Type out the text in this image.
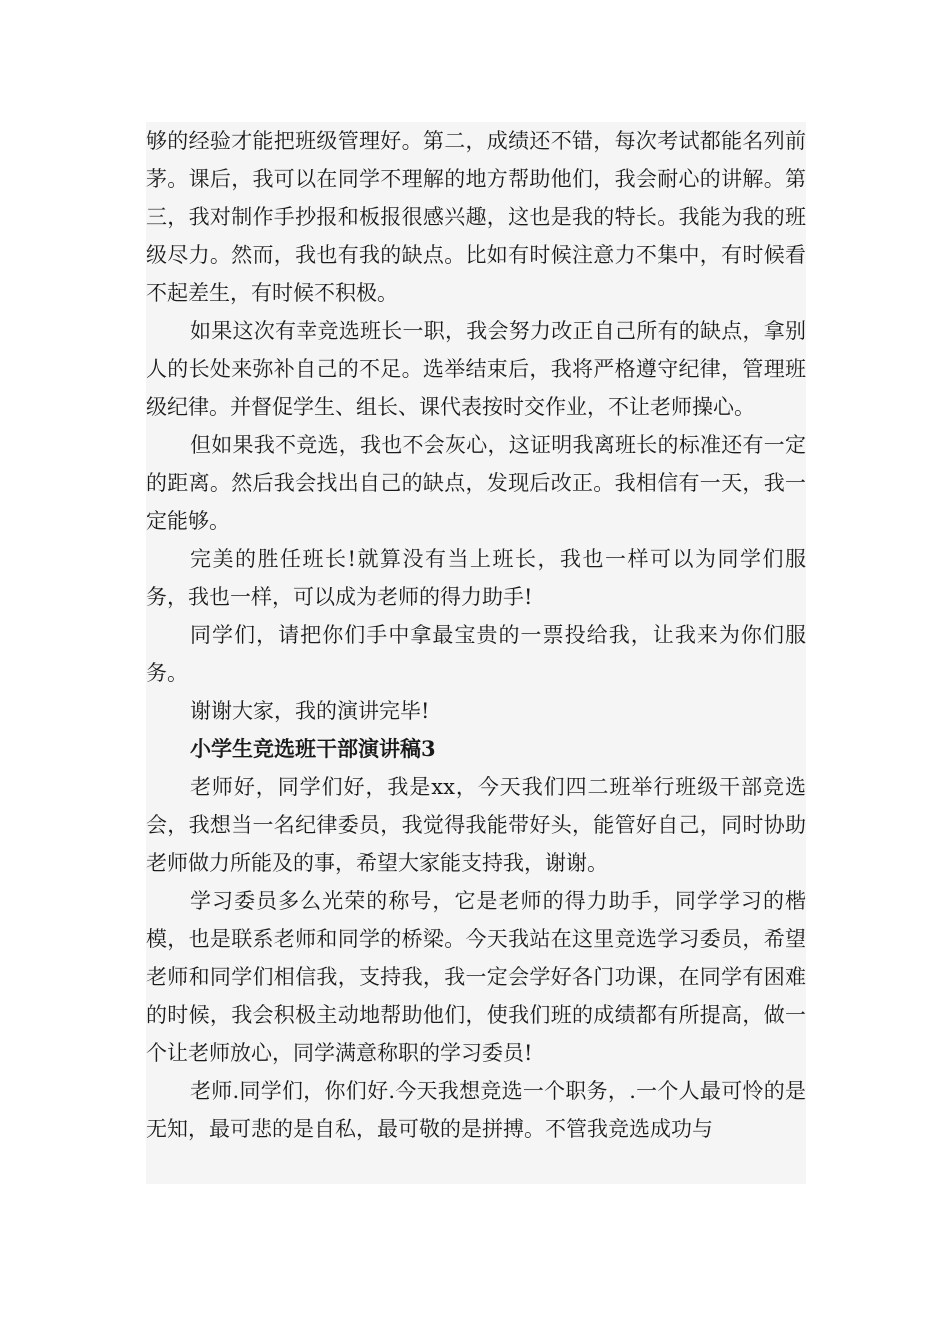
够的经验才能把班级管理好。第二，成绩还不错，每次考试都能名列前茅。课后，我可以在同学不理解的地方帮助他们，我会耐心的讲解。第三，我对制作手抄报和板报很感兴趣，这也是我的特长。我能为我的班级尽力。然而，我也有我的缺点。比如有时候注意力不集中，有时候看不起差生，有时候不积极。

如果这次有幸竞选班长一职，我会努力改正自己所有的缺点，拿别人的长处来弥补自己的不足。选举结束后，我将严格遵守纪律，管理班级纪律。并督促学生、组长、课代表按时交作业，不让老师操心。

但如果我不竞选，我也不会灰心，这证明我离班长的标准还有一定的距离。然后我会找出自己的缺点，发现后改正。我相信有一天，我一定能够。

完美的胜任班长!就算没有当上班长，我也一样可以为同学们服务，我也一样，可以成为老师的得力助手!

同学们，请把你们手中拿最宝贵的一票投给我，让我来为你们服务。

谢谢大家，我的演讲完毕!

小学生竞选班干部演讲稿3

老师好，同学们好，我是xx，今天我们四二班举行班级干部竞选会，我想当一名纪律委员，我觉得我能带好头，能管好自己，同时协助老师做力所能及的事，希望大家能支持我，谢谢。

学习委员多么光荣的称号，它是老师的得力助手，同学学习的楷模，也是联系老师和同学的桥梁。今天我站在这里竞选学习委员，希望老师和同学们相信我，支持我，我一定会学好各门功课，在同学有困难的时候，我会积极主动地帮助他们，使我们班的成绩都有所提高，做一个让老师放心，同学满意称职的学习委员!

老师.同学们，你们好.今天我想竞选一个职务，.一个人最可怜的是无知，最可悲的是自私，最可敬的是拼搏。不管我竞选成功与
